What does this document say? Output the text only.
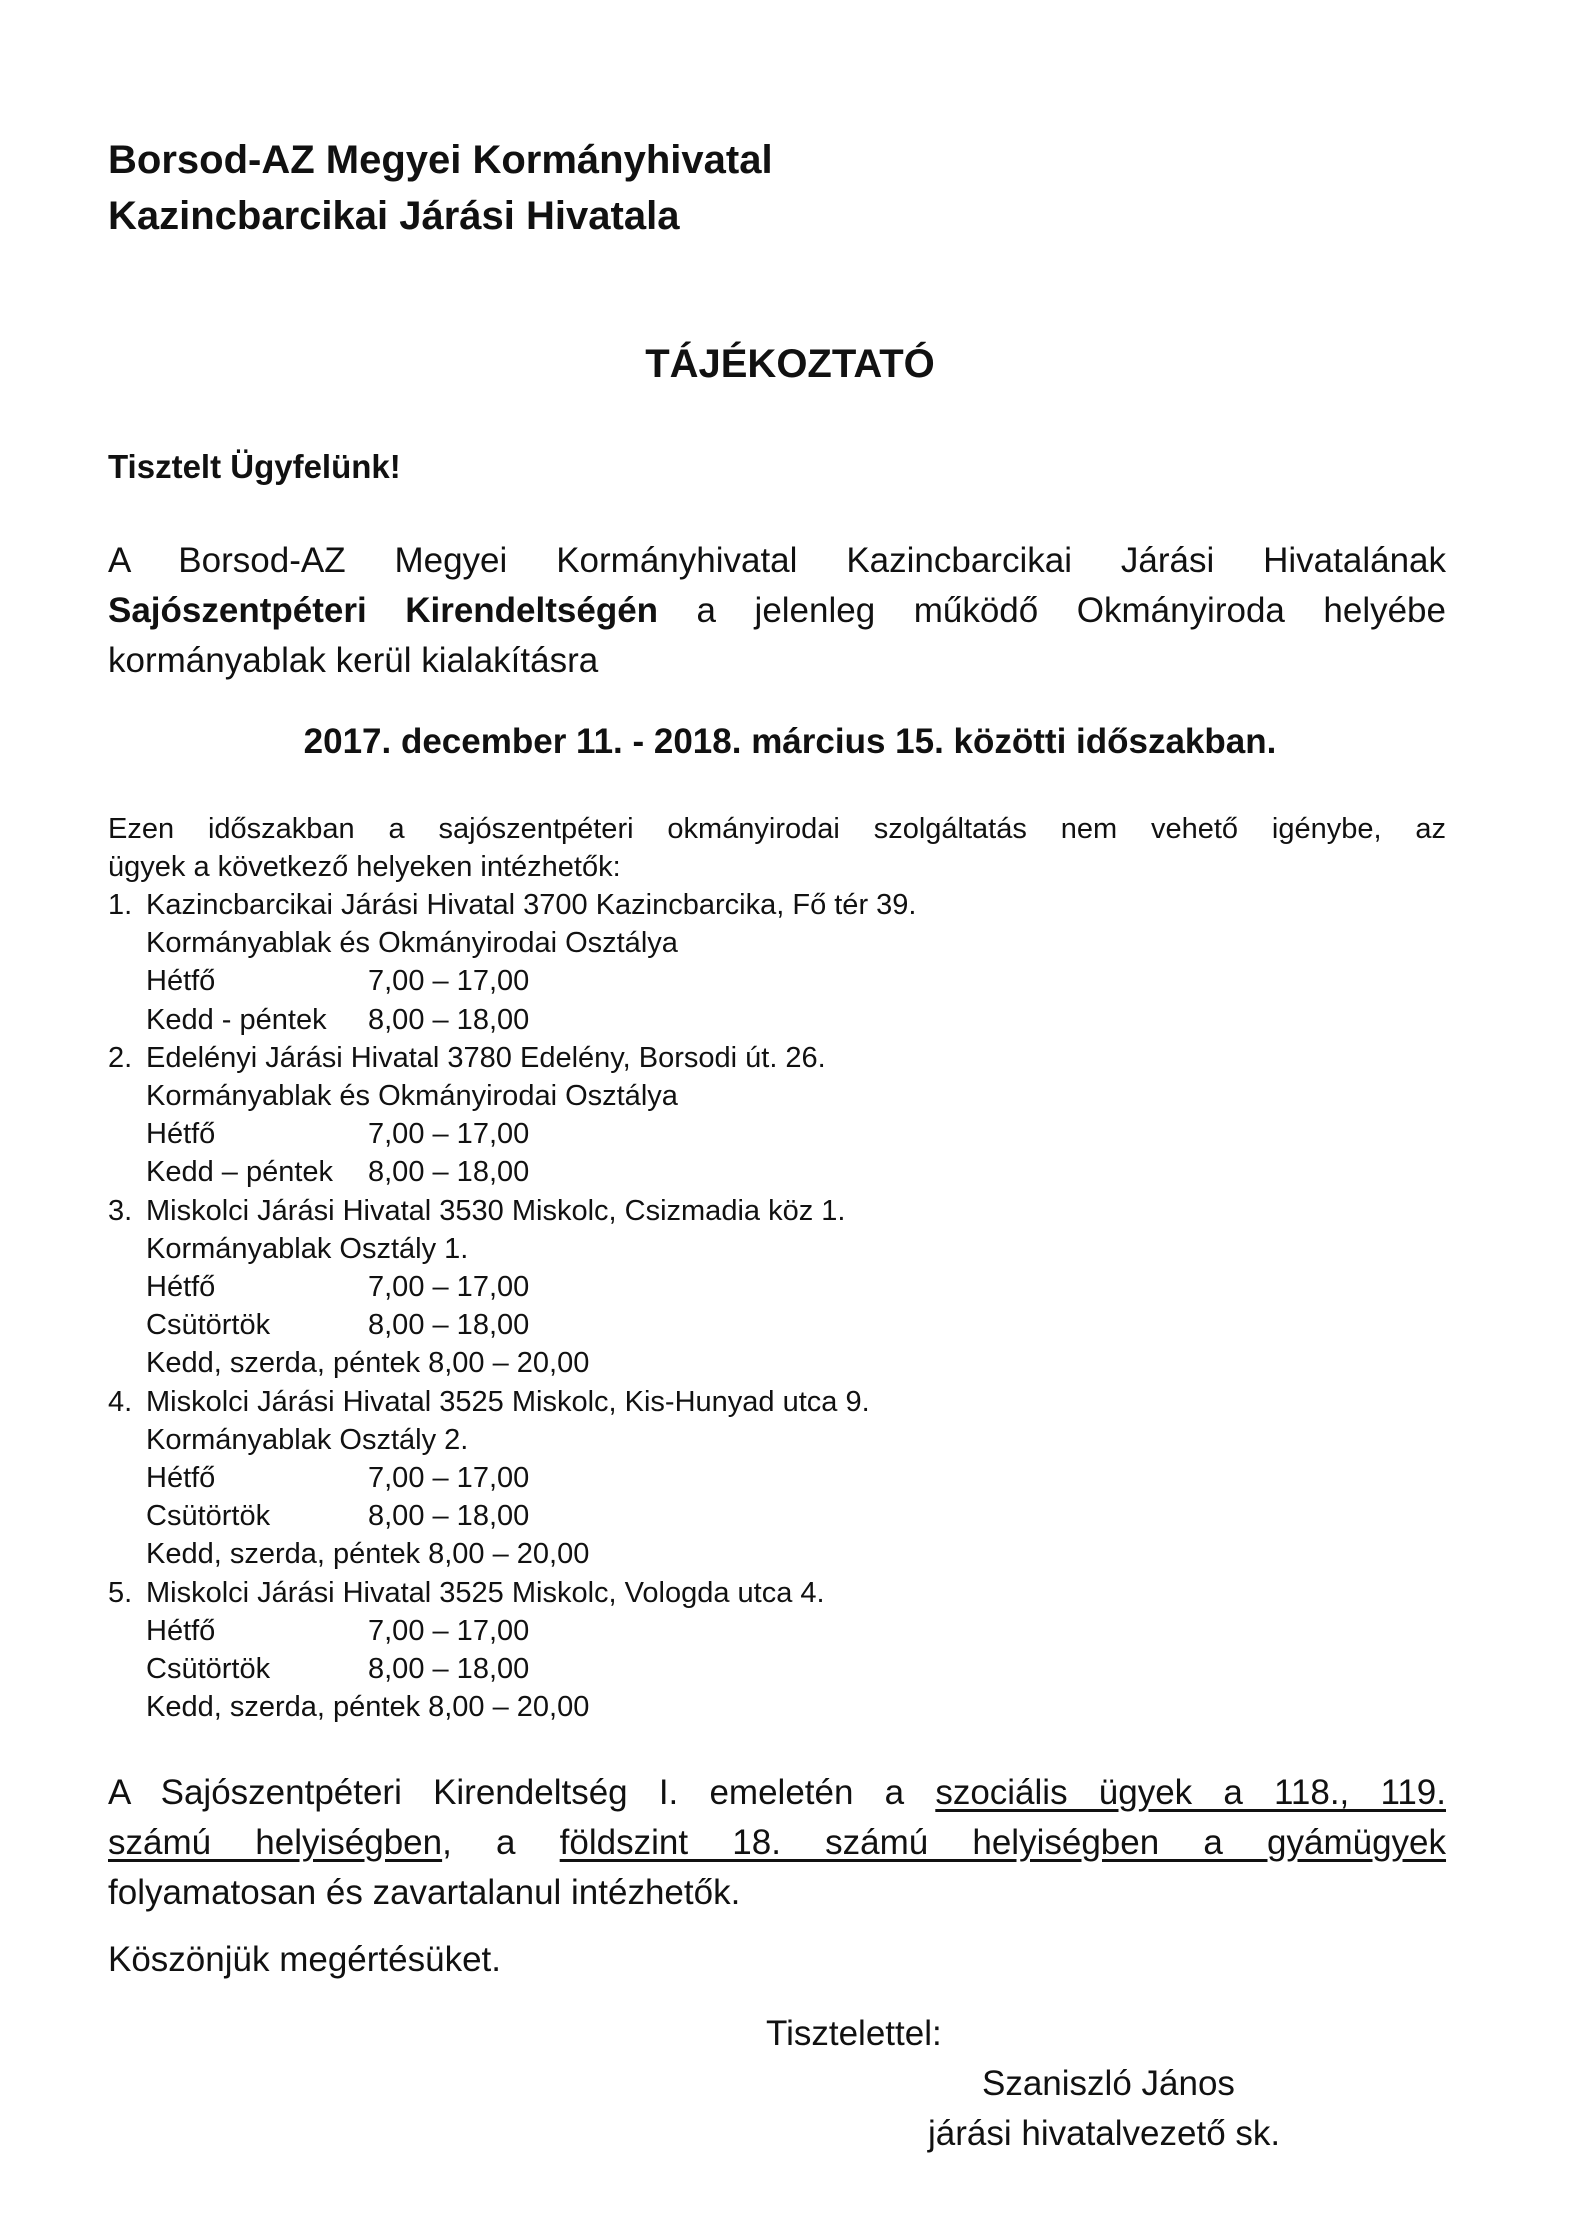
Borsod-AZ Megyei Kormányhivatal
Kazincbarcikai Járási Hivatala
TÁJÉKOZTATÓ
Tisztelt Ügyfelünk!
A Borsod-AZ Megyei Kormányhivatal Kazincbarcikai Járási Hivatalának
Sajószentpéteri Kirendeltségén a jelenleg működő Okmányiroda helyébe
kormányablak kerül kialakításra
2017. december 11. - 2018. március 15. közötti időszakban.
Ezen időszakban a sajószentpéteri okmányirodai szolgáltatás nem vehető igénybe, az
ügyek a következő helyeken intézhetők:
1. Kazincbarcikai Járási Hivatal 3700 Kazincbarcika, Fő tér 39.
Kormányablak és Okmányirodai Osztálya
Hétfő	7,00 – 17,00
Kedd - péntek 8,00 – 18,00
2. Edelényi Járási Hivatal 3780 Edelény, Borsodi út. 26.
Kormányablak és Okmányirodai Osztálya
Hétfő	7,00 – 17,00
Kedd – péntek 8,00 – 18,00
3. Miskolci Járási Hivatal 3530 Miskolc, Csizmadia köz 1.
Kormányablak Osztály 1.
Hétfő	7,00 – 17,00
Csütörtök	8,00 – 18,00
Kedd, szerda, péntek 8,00 – 20,00
4. Miskolci Járási Hivatal 3525 Miskolc, Kis-Hunyad utca 9.
Kormányablak Osztály 2.
Hétfő	7,00 – 17,00
Csütörtök	8,00 – 18,00
Kedd, szerda, péntek 8,00 – 20,00
5. Miskolci Járási Hivatal 3525 Miskolc, Vologda utca 4.
Hétfő	7,00 – 17,00
Csütörtök	8,00 – 18,00
Kedd, szerda, péntek 8,00 – 20,00
A Sajószentpéteri Kirendeltség I. emeletén a szociális ügyek a 118., 119.
számú helyiségben, a földszint 18. számú helyiségben a gyámügyek
folyamatosan és zavartalanul intézhetők.
Köszönjük megértésüket.
Tisztelettel:
Szaniszló János
járási hivatalvezető sk.
